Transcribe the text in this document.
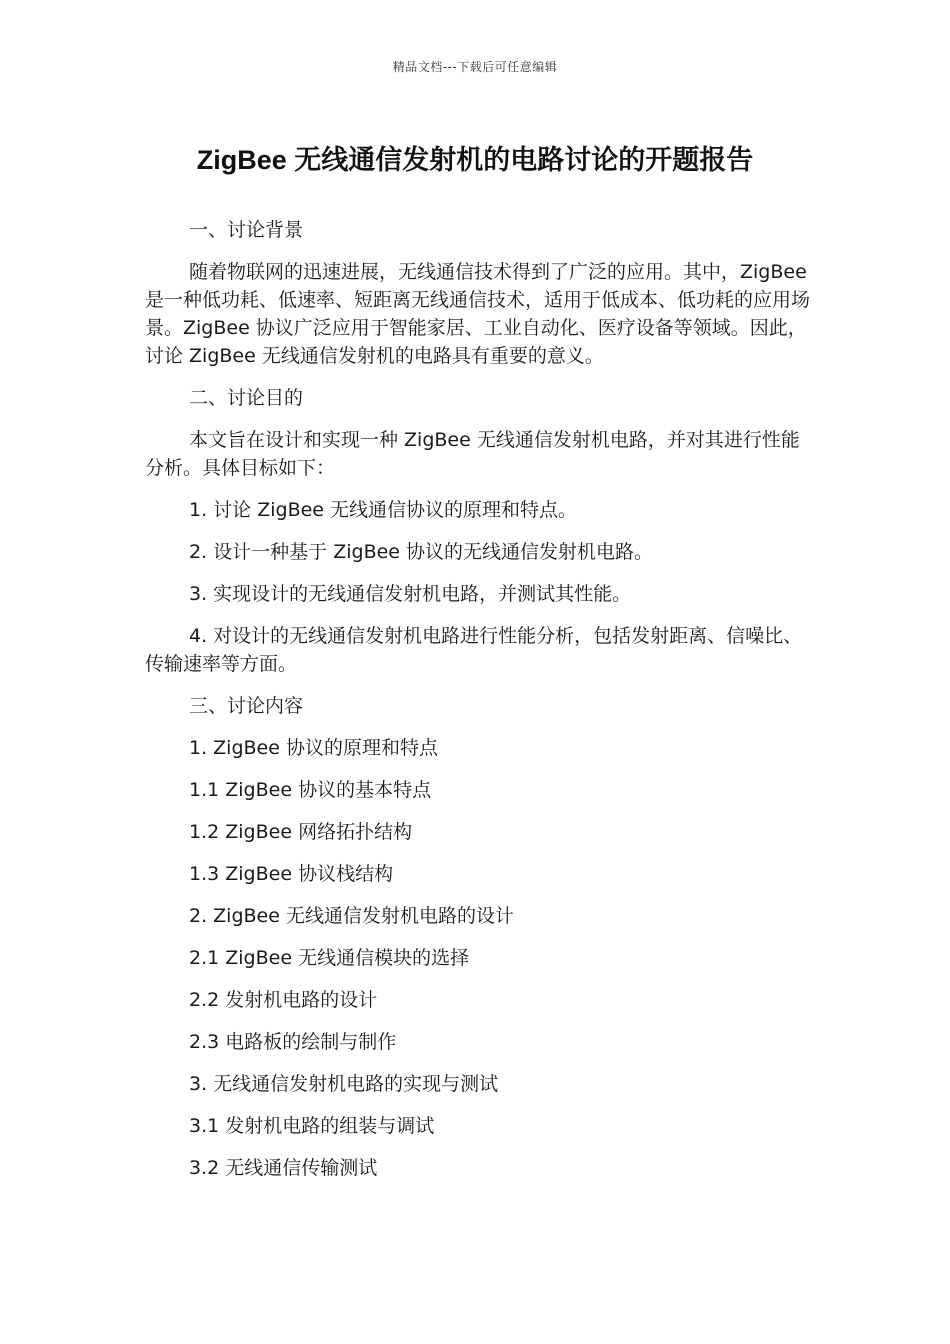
精品文档---下载后可任意编辑
ZigBee 无线通信发射机的电路讨论的开题报告

一、讨论背景

随着物联网的迅速进展，无线通信技术得到了广泛的应用。其中，ZigBee 是一种低功耗、低速率、短距离无线通信技术，适用于低成本、低功耗的应用场景。ZigBee 协议广泛应用于智能家居、工业自动化、医疗设备等领域。因此，讨论 ZigBee 无线通信发射机的电路具有重要的意义。

二、讨论目的

本文旨在设计和实现一种 ZigBee 无线通信发射机电路，并对其进行性能分析。具体目标如下：

1. 讨论 ZigBee 无线通信协议的原理和特点。

2. 设计一种基于 ZigBee 协议的无线通信发射机电路。

3. 实现设计的无线通信发射机电路，并测试其性能。

4. 对设计的无线通信发射机电路进行性能分析，包括发射距离、信噪比、传输速率等方面。

三、讨论内容

1. ZigBee 协议的原理和特点

1.1 ZigBee 协议的基本特点

1.2 ZigBee 网络拓扑结构

1.3 ZigBee 协议栈结构

2. ZigBee 无线通信发射机电路的设计

2.1 ZigBee 无线通信模块的选择

2.2 发射机电路的设计

2.3 电路板的绘制与制作

3. 无线通信发射机电路的实现与测试

3.1 发射机电路的组装与调试

3.2 无线通信传输测试
